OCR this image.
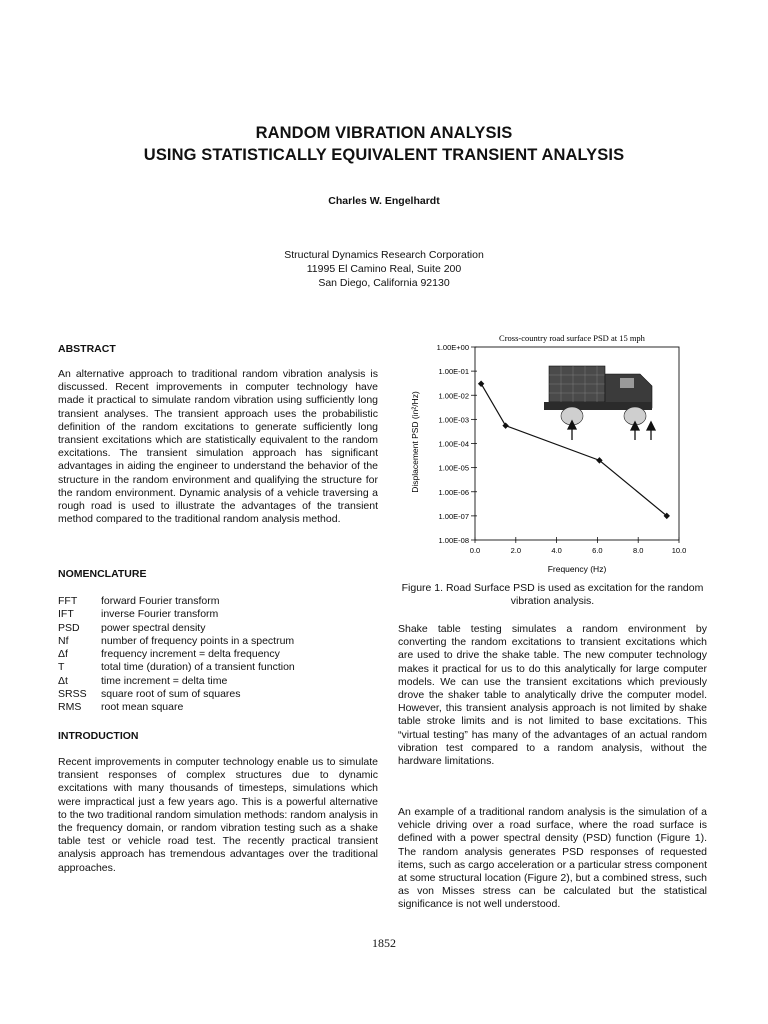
RANDOM VIBRATION ANALYSIS
USING STATISTICALLY EQUIVALENT TRANSIENT ANALYSIS
Charles W. Engelhardt
Structural Dynamics Research Corporation
11995 El Camino Real, Suite 200
San Diego, California 92130
ABSTRACT
An alternative approach to traditional random vibration analysis is discussed. Recent improvements in computer technology have made it practical to simulate random vibration using sufficiently long transient analyses. The transient approach uses the probabilistic definition of the random excitations to generate sufficiently long transient excitations which are statistically equivalent to the random excitations. The transient simulation approach has significant advantages in aiding the engineer to understand the behavior of the structure in the random environment and qualifying the structure for the random environment. Dynamic analysis of a vehicle traversing a rough road is used to illustrate the advantages of the transient method compared to the traditional random analysis method.
NOMENCLATURE
FFT	forward Fourier transform
IFT	inverse Fourier transform
PSD	power spectral density
Nf	number of frequency points in a spectrum
Δf	frequency increment = delta frequency
T	total time (duration) of a transient function
Δt	time increment = delta time
SRSS	square root of sum of squares
RMS	root mean square
INTRODUCTION
Recent improvements in computer technology enable us to simulate transient responses of complex structures due to dynamic excitations with many thousands of timesteps, simulations which were impractical just a few years ago. This is a powerful alternative to the two traditional random simulation methods: random analysis in the frequency domain, or random vibration testing such as a shake table test or vehicle road test. The recently practical transient analysis approach has tremendous advantages over the traditional approaches.
Cross-country road surface PSD at 15 mph
1.00E+00
1.00E-01
1.00E-02
1.00E-03
1.00E-04
1.00E-05
1.00E-06
1.00E-07
1.00E-08
0.0	2.0	4.0	6.0	8.0	10.0
Displacement PSD (in²/Hz)
Frequency (Hz)
Figure 1. Road Surface PSD is used as excitation for the random vibration analysis.
Shake table testing simulates a random environment by converting the random excitations to transient excitations which are used to drive the shake table. The new computer technology makes it practical for us to do this analytically for large computer models. We can use the transient excitations which previously drove the shaker table to analytically drive the computer model. However, this transient analysis approach is not limited by shake table stroke limits and is not limited to base excitations. This “virtual testing” has many of the advantages of an actual random vibration test compared to a random analysis, without the hardware limitations.
An example of a traditional random analysis is the simulation of a vehicle driving over a road surface, where the road surface is defined with a power spectral density (PSD) function (Figure 1). The random analysis generates PSD responses of requested items, such as cargo acceleration or a particular stress component at some structural location (Figure 2), but a combined stress, such as von Misses stress can be calculated but the statistical significance is not well understood.
1852
